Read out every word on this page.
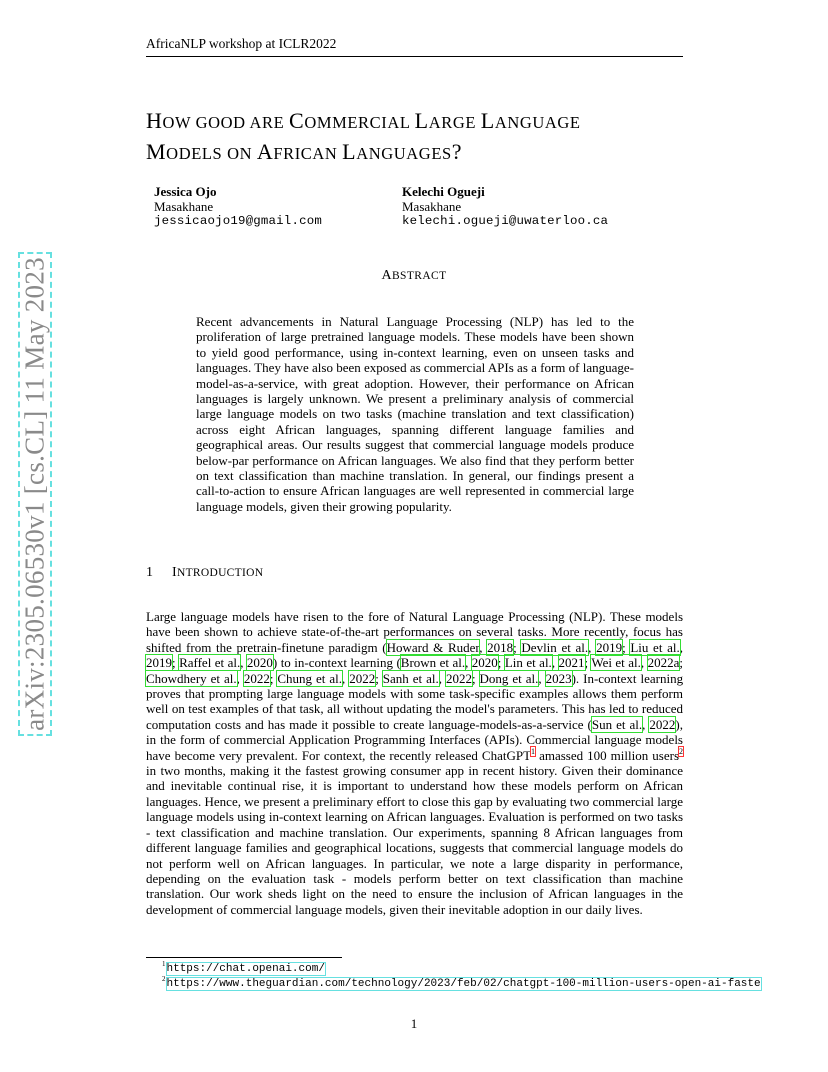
AfricaNLP workshop at ICLR2022
HOW GOOD ARE COMMERCIAL LARGE LANGUAGE
MODELS ON AFRICAN LANGUAGES?
Jessica Ojo
Masakhane
jessicaojo19@gmail.com
Kelechi Ogueji
Masakhane
kelechi.ogueji@uwaterloo.ca
arXiv:2305.06530v1 [cs.CL] 11 May 2023	ABSTRACT
Recent advancements in Natural Language Processing (NLP) has led to the proliferation of large pretrained language models. These models have been shown to yield good performance, using in-context learning, even on unseen tasks and languages. They have also been exposed as commercial APIs as a form of language-model-as-a-service, with great adoption. However, their performance on African languages is largely unknown. We present a preliminary analysis of commercial large language models on two tasks (machine translation and text classification) across eight African languages, spanning different language families and geographical areas. Our results suggest that commercial language models produce below-par performance on African languages. We also find that they perform better on text classification than machine translation. In general, our findings present a call-to-action to ensure African languages are well represented in commercial large language models, given their growing popularity.
1 INTRODUCTION
Large language models have risen to the fore of Natural Language Processing (NLP). These models have been shown to achieve state-of-the-art performances on several tasks. More recently, focus has shifted from the pretrain-finetune paradigm (Howard & Ruder, 2018; Devlin et al., 2019; Liu et al., 2019; Raffel et al., 2020) to in-context learning (Brown et al., 2020; Lin et al., 2021; Wei et al., 2022a; Chowdhery et al., 2022; Chung et al., 2022; Sanh et al., 2022; Dong et al., 2023). In-context learning proves that prompting large language models with some task-specific examples allows them perform well on test examples of that task, all without updating the model's parameters. This has led to reduced computation costs and has made it possible to create language-models-as-a-service (Sun et al., 2022), in the form of commercial Application Programming Interfaces (APIs). Commercial language models have become very prevalent. For context, the recently released ChatGPT$^1$ amassed 100 million users$^2$ in two months, making it the fastest growing consumer app in recent history. Given their dominance and inevitable continual rise, it is important to understand how these models perform on African languages. Hence, we present a preliminary effort to close this gap by evaluating two commercial large language models using in-context learning on African languages. Evaluation is performed on two tasks - text classification and machine translation. Our experiments, spanning 8 African languages from different language families and geographical locations, suggests that commercial language models do not perform well on African languages. In particular, we note a large disparity in performance, depending on the evaluation task - models perform better on text classification than machine translation. Our work sheds light on the need to ensure the inclusion of African languages in the development of commercial language models, given their inevitable adoption in our daily lives.
$^1$https://chat.openai.com/
$^2$https://www.theguardian.com/technology/2023/feb/02/chatgpt-100-million-users-open-ai-faste
1
